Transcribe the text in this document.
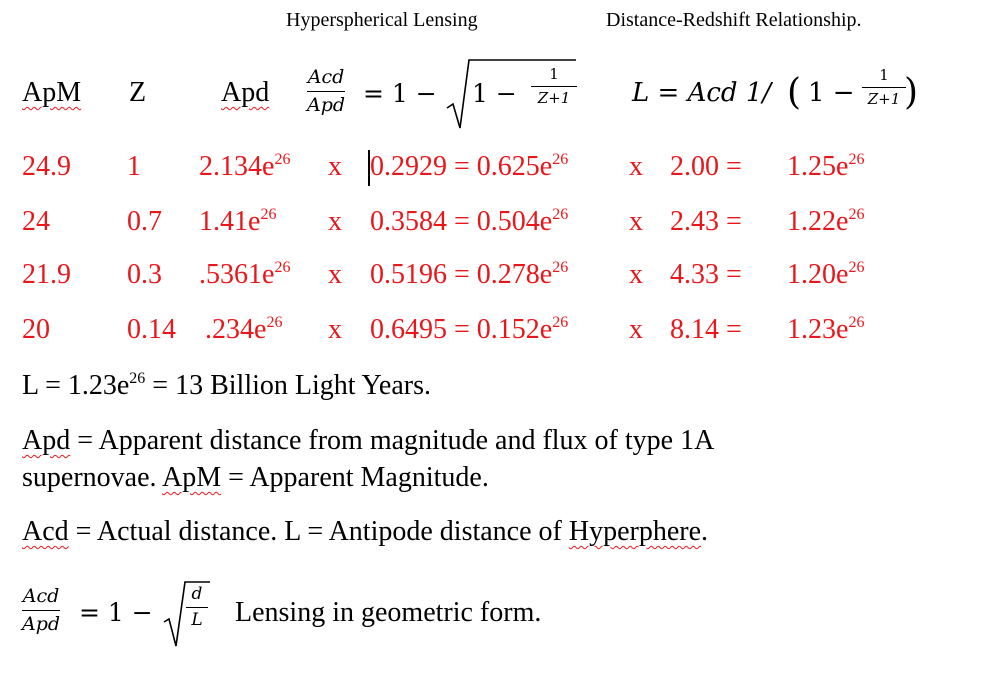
Hyperspherical Lensing	Distance-Redshift Relationship.
ApM Z	Apd Acd
Apd = 1 − 1 −
1
Z+1 L = Acd 1/ ( 1 −
1
Z+1 )
24.9 1 $2.134e^{26}$ x $0.2929 = 0.625e^{26}$ x $2.00 = 1.25e^{26}$
24	0.7 $1.41e^{26}$ x $0.3584 = 0.504e^{26}$ x $2.43 = 1.22e^{26}$
21.9 0.3 $.5361e^{26}$ x $0.5196 = 0.278e^{26}$ x $4.33 = 1.20e^{26}$
20	0.14 $.234e^{26}$ x $0.6495 = 0.152e^{26}$ x $8.14 = 1.23e^{26}$
$L = 1.23e^{26} = 13$ Billion Light Years.
Apd = Apparent distance from magnitude and flux of type 1A
supernovae. ApM = Apparent Magnitude.
Acd = Actual distance. L = Antipode distance of Hyperphere.
Acd
Apd = 1 −
d
L Lensing in geometric form.
